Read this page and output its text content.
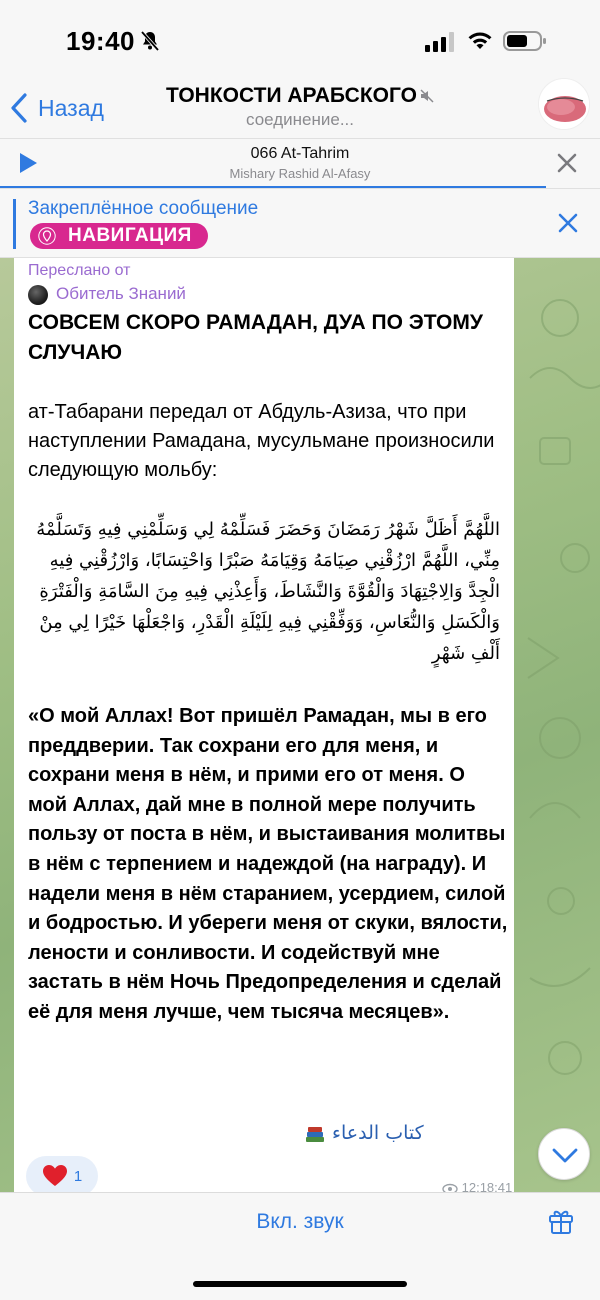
19:40
Назад	ТОНКОСТИ АРАБСКОГО
соединение...
066 At-Tahrim
Mishary Rashid Al-Afasy
Закреплённое сообщение
НАВИГАЦИЯ
Переслано от
Обитель Знаний
СОВСЕМ СКОРО РАМАДАН, ДУА ПО ЭТОМУ СЛУЧАЮ
ат-Табарани передал от Абдуль-Азиза, что при наступлении Рамадана, мусульмане произносили следующую мольбу:
اللَّهُمَّ أَظَلَّ شَهْرُ رَمَضَانَ وَحَضَرَ فَسَلِّمْهُ لِي وَسَلِّمْنِي فِيهِ وَتَسَلَّمْهُ مِنِّي، اللَّهُمَّ ارْزُقْنِي صِيَامَهُ وَقِيَامَهُ صَبْرًا وَاحْتِسَابًا، وَارْزُقْنِي فِيهِ الْجِدَّ وَالِاجْتِهَادَ وَالْقُوَّةَ وَالنَّشَاطَ، وَأَعِذْنِي فِيهِ مِنَ السَّامَةِ وَالْفَتْرَةِ وَالْكَسَلِ وَالنُّعَاسِ، وَوَفِّقْنِي فِيهِ لِلَيْلَةِ الْقَدْرِ، وَاجْعَلْهَا خَيْرًا لِي مِنْ أَلْفِ شَهْرٍ
«О мой Аллах! Вот пришёл Рамадан, мы в его преддверии. Так сохрани его для меня, и сохрани меня в нём, и прими его от меня. О мой Аллах, дай мне в полной мере получить пользу от поста в нём, и выстаивания молитвы в нём с терпением и надеждой (на награду). И надели меня в нём старанием, усердием, силой и бодростью. И убереги меня от скуки, вялости, лености и сонливости. И содействуй мне застать в нём Ночь Предопределения и сделай её для меня лучше, чем тысяча месяцев».
كتاب الدعاء
1
12:18:41
Вкл. звук
